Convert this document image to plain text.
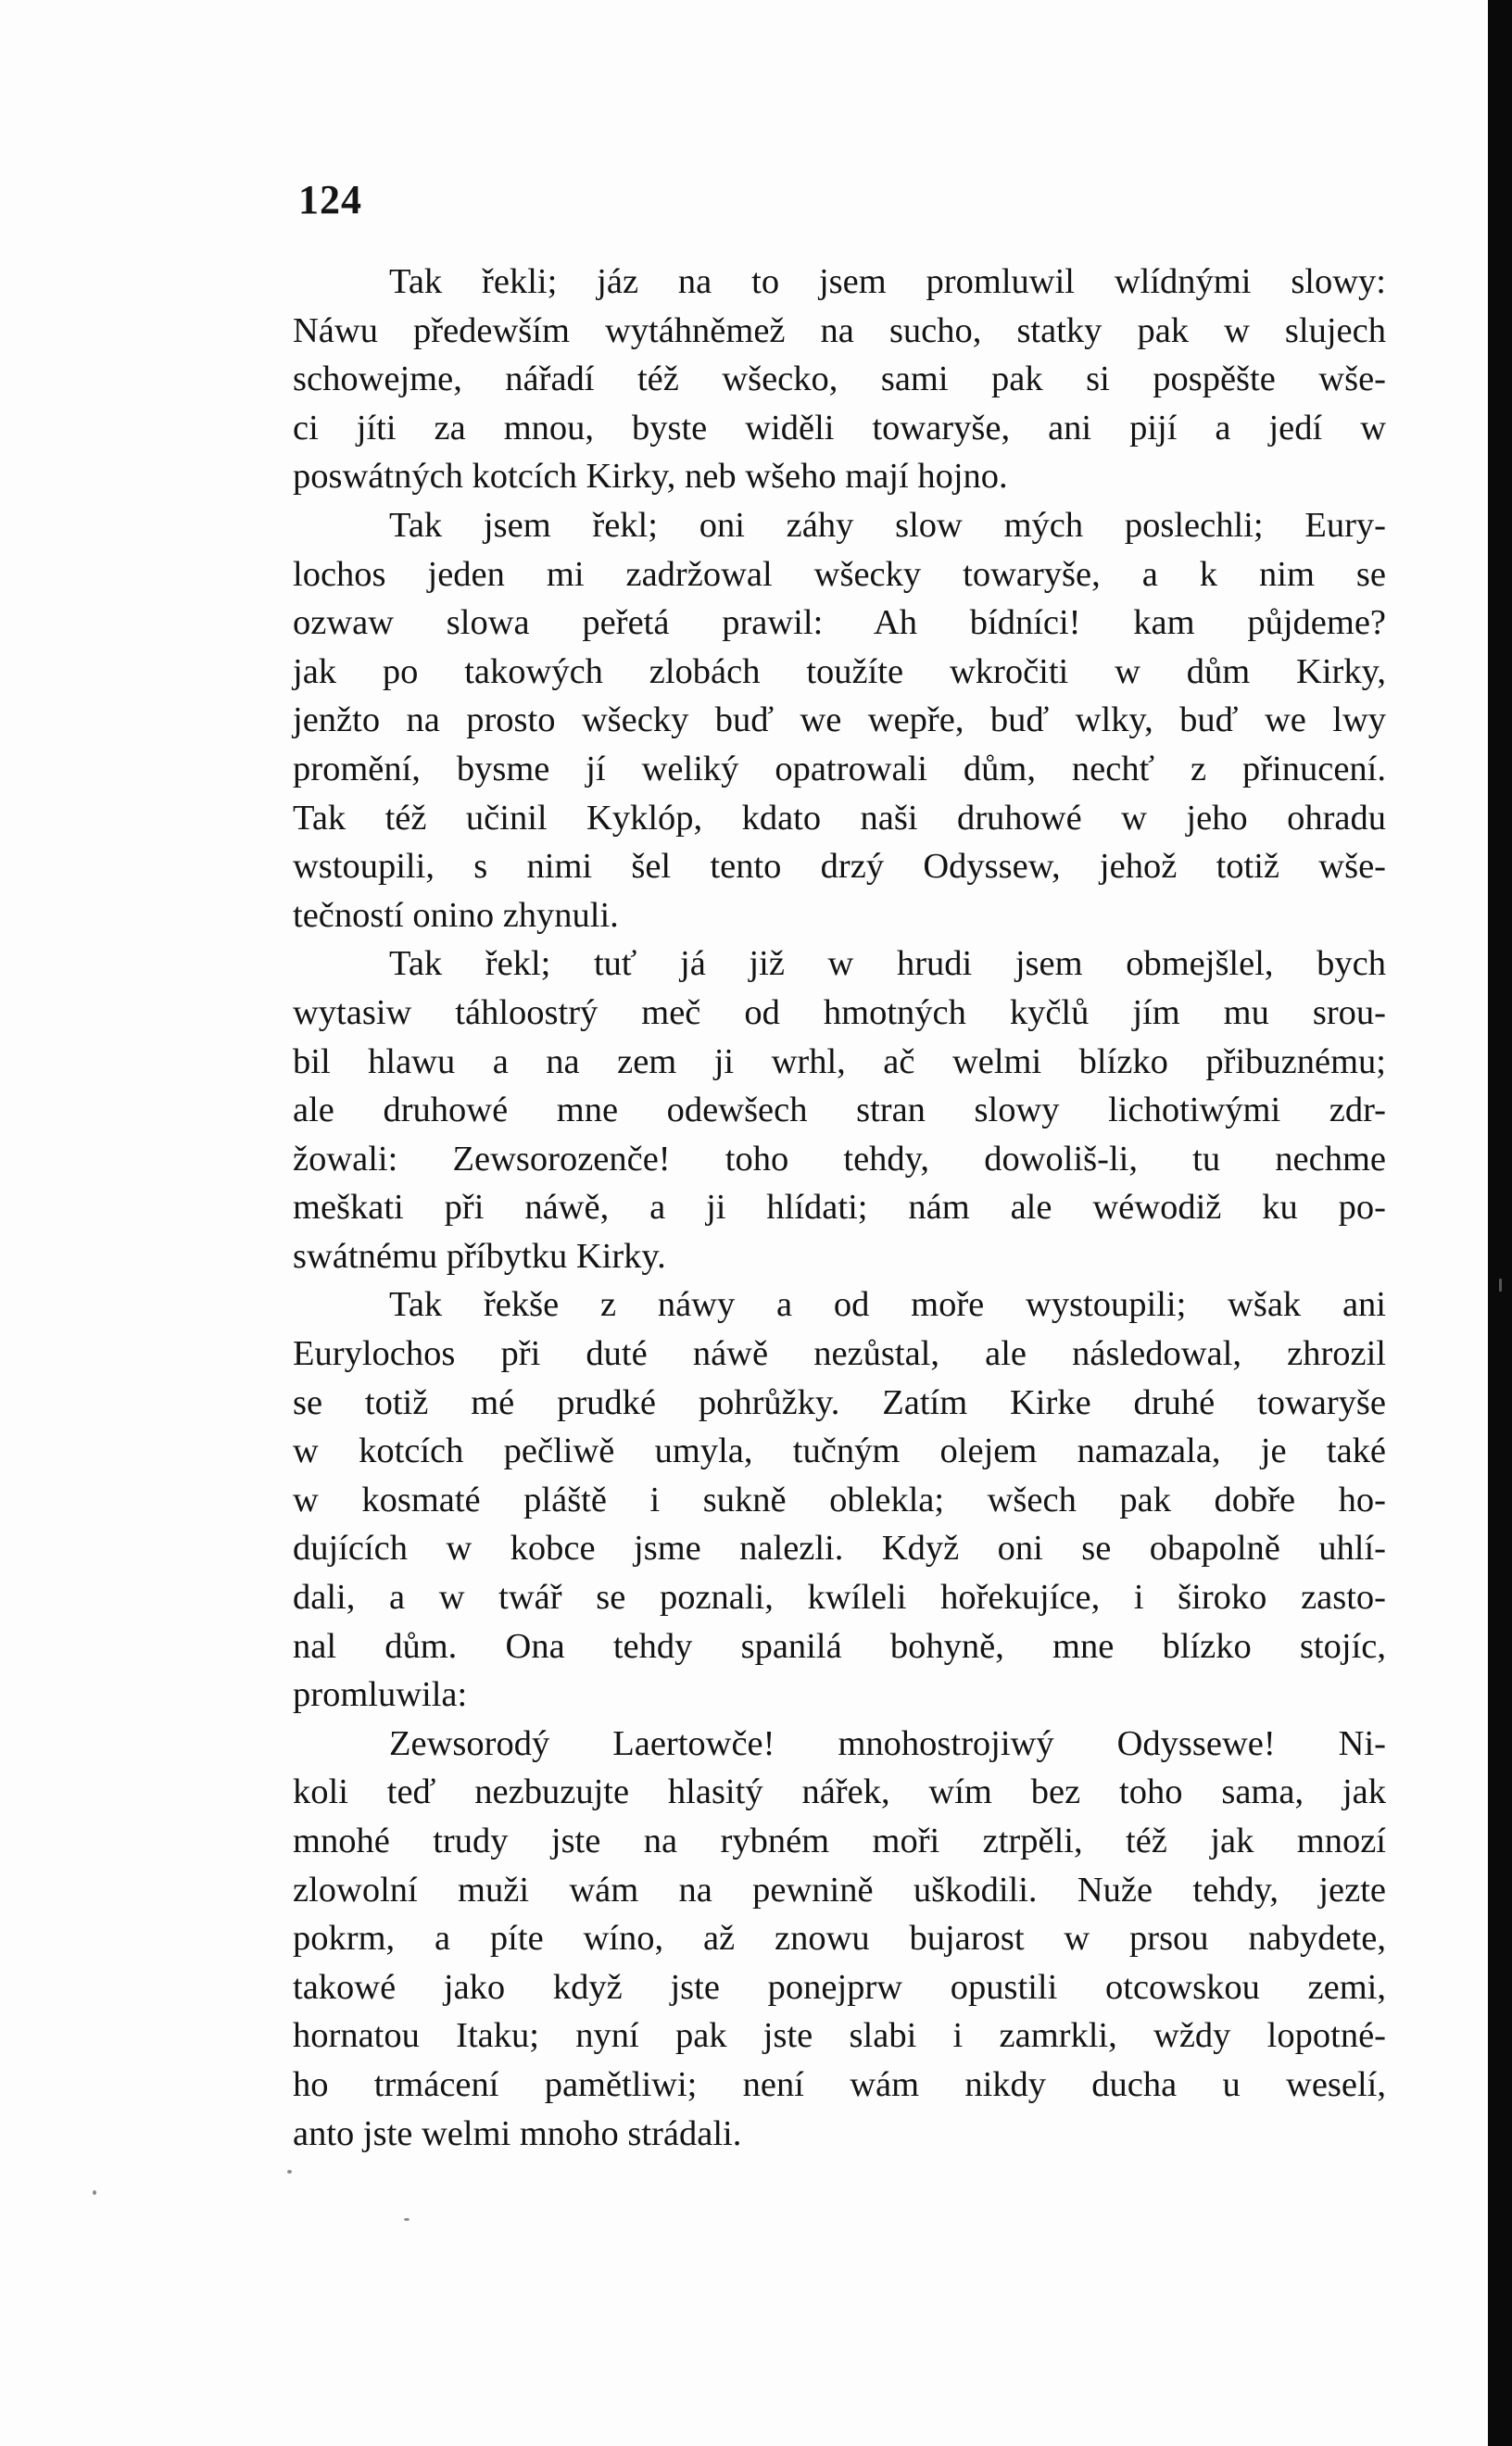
124

Tak řekli; jáz na to jsem promluwil wlídnými slowy:
Náwu předewším wytáhněmež na sucho, statky pak w slujech
schowejme, nářadí též wšecko, sami pak si pospěšte wše-
ci jíti za mnou, byste widěli towaryše, ani pijí a jedí w
poswátných kotcích Kirky, neb wšeho mají hojno.

Tak jsem řekl; oni záhy slow mých poslechli; Eury-
lochos jeden mi zadržowal wšecky towaryše, a k nim se
ozwaw slowa peřetá prawil: Ah bídníci! kam půjdeme?
jak po takowých zlobách toužíte wkročiti w dům Kirky,
jenžto na prosto wšecky buď we wepře, buď wlky, buď we lwy
promění, bysme jí weliký opatrowali dům, nechť z přinucení.
Tak též učinil Kyklóp, kdato naši druhowé w jeho ohradu
wstoupili, s nimi šel tento drzý Odyssew, jehož totiž wše-
tečností onino zhynuli.

Tak řekl; tuť já již w hrudi jsem obmejšlel, bych
wytasiw táhloostrý meč od hmotných kyčlů jím mu srou-
bil hlawu a na zem ji wrhl, ač welmi blízko přibuznému;
ale druhowé mne odewšech stran slowy lichotiwými zdr-
žowali: Zewsorozenče! toho tehdy, dowoliš-li, tu nechme
meškati při náwě, a ji hlídati; nám ale wéwodiž ku po-
swátnému příbytku Kirky.

Tak řekše z náwy a od moře wystoupili; wšak ani
Eurylochos při duté náwě nezůstal, ale následowal, zhrozil
se totiž mé prudké pohrůžky. Zatím Kirke druhé towaryše
w kotcích pečliwě umyla, tučným olejem namazala, je také
w kosmaté pláště i sukně oblekla; wšech pak dobře ho-
dujících w kobce jsme nalezli. Když oni se obapolně uhlí-
dali, a w twář se poznali, kwíleli hořekujíce, i široko zasto-
nal dům. Ona tehdy spanilá bohyně, mne blízko stojíc,
promluwila:

Zewsorodý Laertowče! mnohostrojiwý Odyssewe! Ni-
koli teď nezbuzujte hlasitý nářek, wím bez toho sama, jak
mnohé trudy jste na rybném moři ztrpěli, též jak mnozí
zlowolní muži wám na pewnině uškodili. Nuže tehdy, jezte
pokrm, a píte wíno, až znowu bujarost w prsou nabydete,
takowé jako když jste ponejprw opustili otcowskou zemi,
hornatou Itaku; nyní pak jste slabi i zamrkli, wždy lopotné-
ho trmácení pamětliwi; není wám nikdy ducha u weselí,
anto jste welmi mnoho strádali.
